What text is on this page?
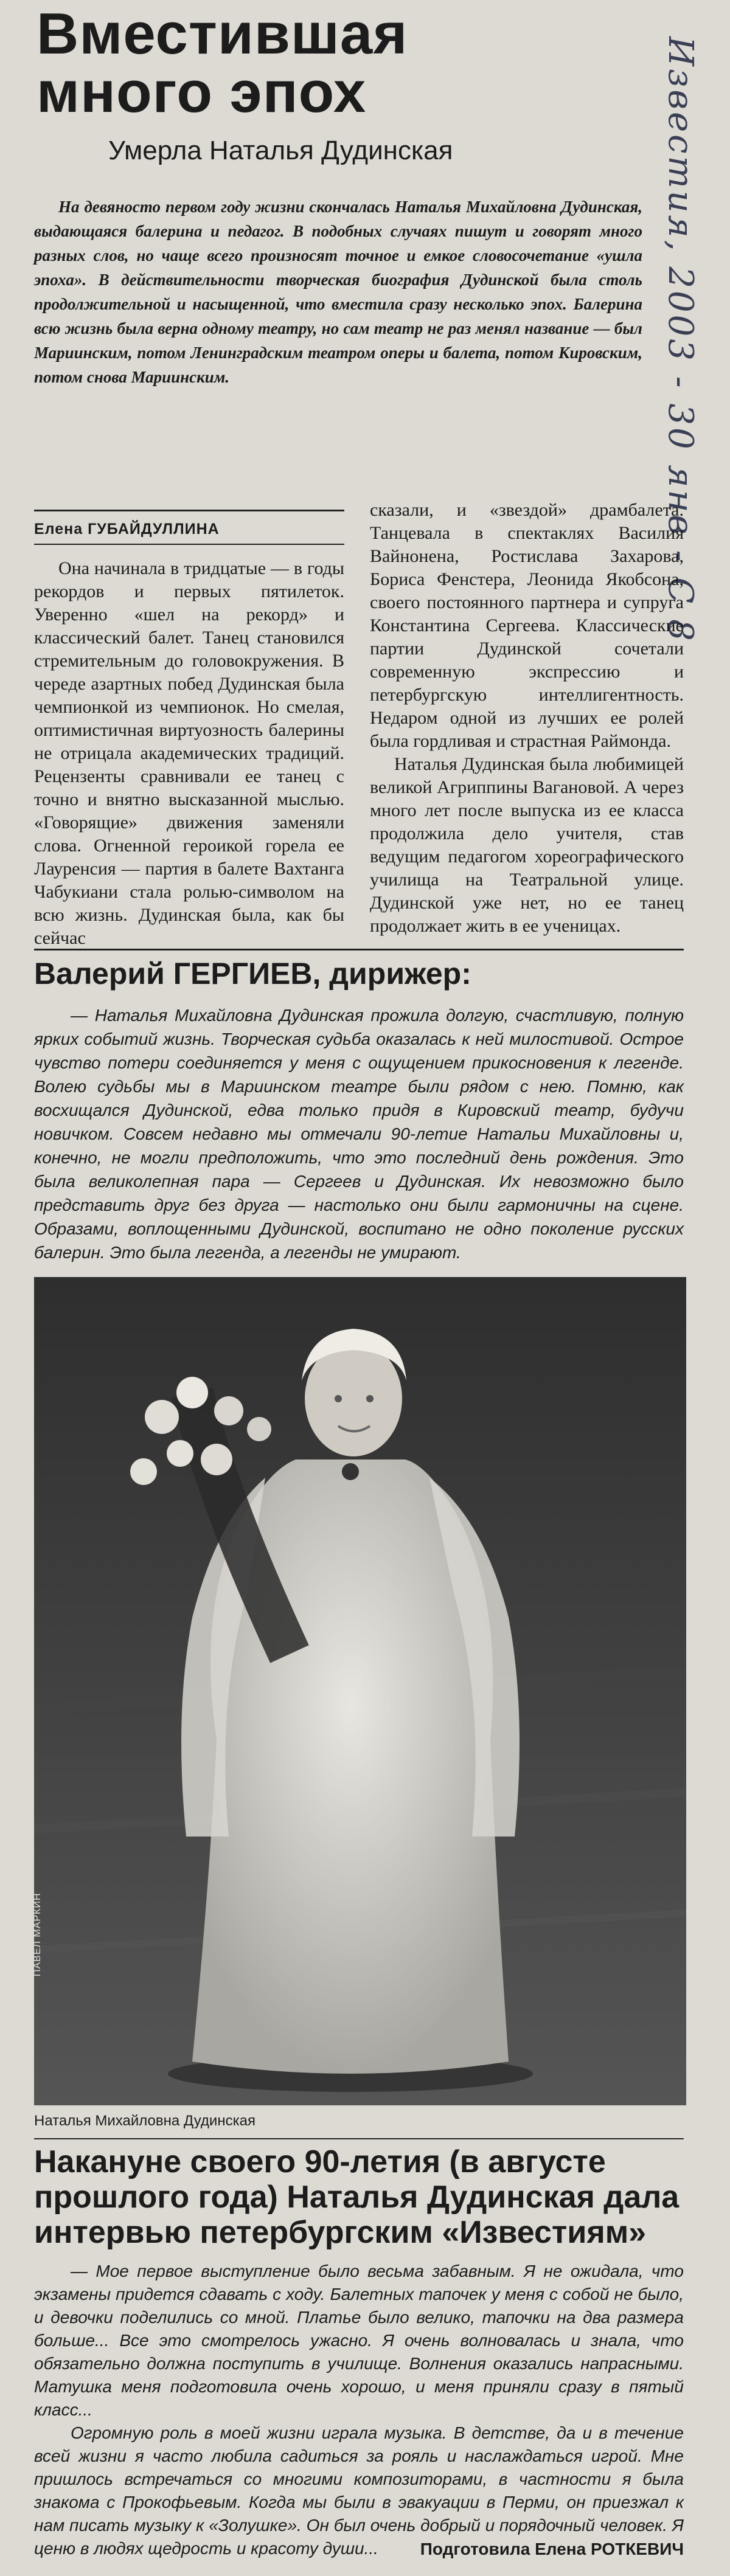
Вместившая
много эпох	Известия, 2003 - 30 янв - С 8

Умерла Наталья Дудинская

На девяносто первом году жизни скончалась Наталья Михайловна Дудинская, выдающаяся балерина и педагог. В подобных случаях пишут и говорят много разных слов, но чаще всего произносят точное и емкое словосочетание «ушла эпоха». В действительности творческая биография Дудинской была столь продолжительной и насыщенной, что вместила сразу несколько эпох. Балерина всю жизнь была верна одному театру, но сам театр не раз менял название — был Мариинским, потом Ленинградским театром оперы и балета, потом Кировским, потом снова Мариинским.

Елена ГУБАЙДУЛЛИНА

Она начинала в тридцатые — в годы рекордов и первых пятилеток. Уверенно «шел на рекорд» и классический балет. Танец становился стремительным до головокружения. В череде азартных побед Дудинская была чемпионкой из чемпионок. Но смелая, оптимистичная виртуозность балерины не отрицала академических традиций. Рецензенты сравнивали ее танец с точно и внятно высказанной мыслью. «Говорящие» движения заменяли слова. Огненной героикой горела ее Лауренсия — партия в балете Вахтанга Чабукиани стала ролью-символом на всю жизнь. Дудинская была, как бы сейчас

сказали, и «звездой» драмбалета. Танцевала в спектаклях Василия Вайнонена, Ростислава Захарова, Бориса Фенстера, Леонида Якобсона, своего постоянного партнера и супруга Константина Сергеева. Классические партии Дудинской сочетали современную экспрессию и петербургскую интеллигентность. Недаром одной из лучших ее ролей была гордливая и страстная Раймонда.

Наталья Дудинская была любимицей великой Агриппины Вагановой. А через много лет после выпуска из ее класса продолжила дело учителя, став ведущим педагогом хореографического училища на Театральной улице. Дудинской уже нет, но ее танец продолжает жить в ее ученицах.

Валерий ГЕРГИЕВ, дирижер:

— Наталья Михайловна Дудинская прожила долгую, счастливую, полную ярких событий жизнь. Творческая судьба оказалась к ней милостивой. Острое чувство потери соединяется у меня с ощущением прикосновения к легенде. Волею судьбы мы в Мариинском театре были рядом с нею. Помню, как восхищался Дудинской, едва только придя в Кировский театр, будучи новичком. Совсем недавно мы отмечали 90-летие Натальи Михайловны и, конечно, не могли предположить, что это последний день рождения. Это была великолепная пара — Сергеев и Дудинская. Их невозможно было представить друг без друга — настолько они были гармоничны на сцене. Образами, воплощенными Дудинской, воспитано не одно поколение русских балерин. Это была легенда, а легенды не умирают.

ПАВЕЛ МАРКИН
Наталья Михайловна Дудинская

Накануне своего 90-летия (в августе прошлого года) Наталья Дудинская дала интервью петербургским «Известиям»

— Мое первое выступление было весьма забавным. Я не ожидала, что экзамены придется сдавать с ходу. Балетных тапочек у меня с собой не было, и девочки поделились со мной. Платье было велико, тапочки на два размера больше... Все это смотрелось ужасно. Я очень волновалась и знала, что обязательно должна поступить в училище. Волнения оказались напрасными. Матушка меня подготовила очень хорошо, и меня приняли сразу в пятый класс...

Огромную роль в моей жизни играла музыка. В детстве, да и в течение всей жизни я часто любила садиться за рояль и наслаждаться игрой. Мне пришлось встречаться со многими композиторами, в частности я была знакома с Прокофьевым. Когда мы были в эвакуации в Перми, он приезжал к нам писать музыку к «Золушке». Он был очень добрый и порядочный человек. Я ценю в людях щедрость и красоту души...	Подготовила Елена РОТКЕВИЧ
